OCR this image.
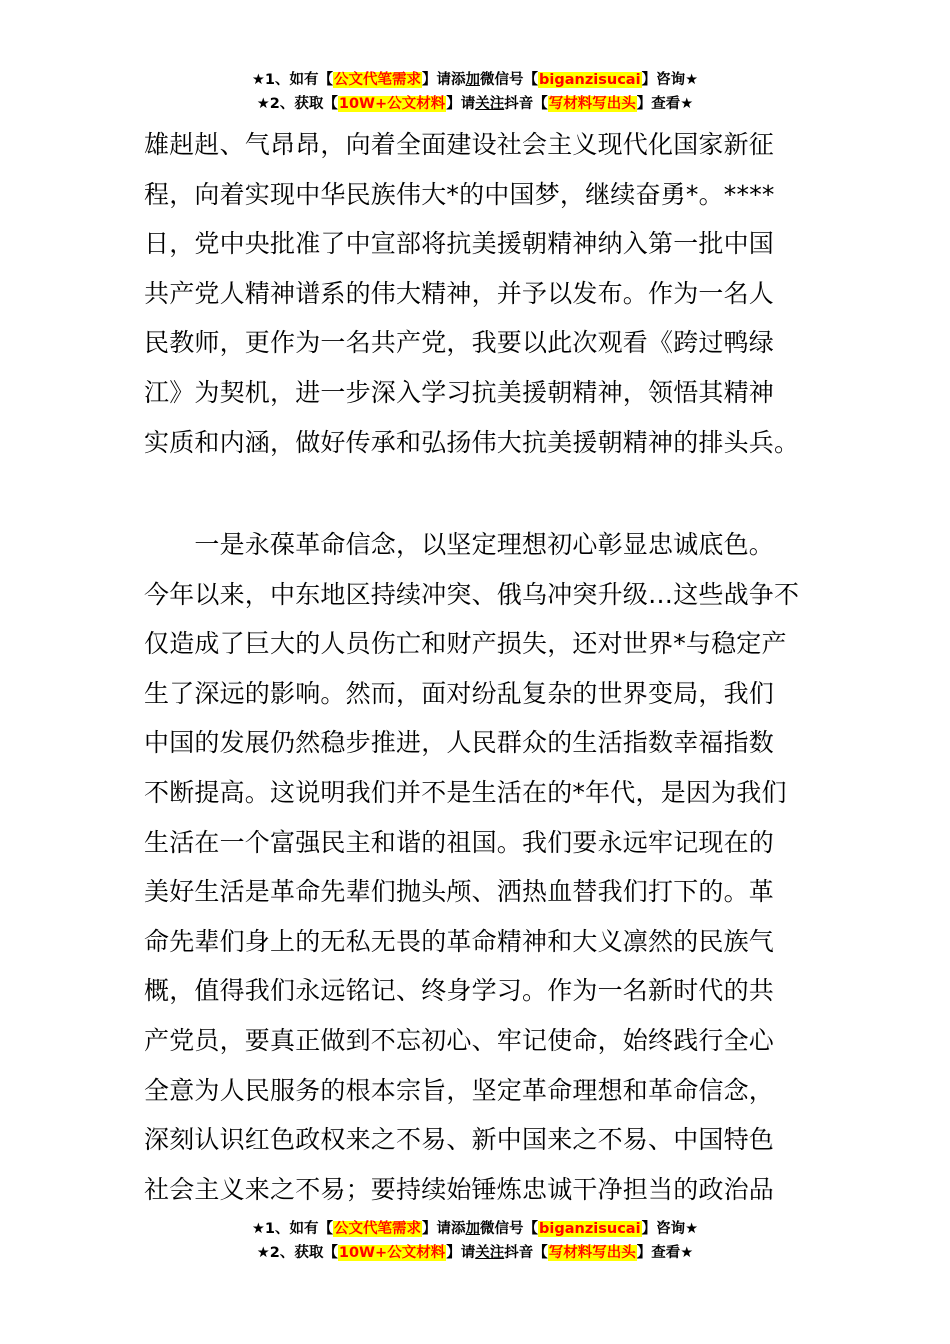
★1、如有【公文代笔需求】请添加微信号【biganzisucai】咨询★
★2、获取【10W+公文材料】请关注抖音【写材料写出头】查看★
雄赳赳、气昂昂，向着全面建设社会主义现代化国家新征
程，向着实现中华民族伟大*的中国梦，继续奋勇*。****
日，党中央批准了中宣部将抗美援朝精神纳入第一批中国
共产党人精神谱系的伟大精神，并予以发布。作为一名人
民教师，更作为一名共产党，我要以此次观看《跨过鸭绿
江》为契机，进一步深入学习抗美援朝精神，领悟其精神
实质和内涵，做好传承和弘扬伟大抗美援朝精神的排头兵。
　　一是永葆革命信念，以坚定理想初心彰显忠诚底色。
今年以来，中东地区持续冲突、俄乌冲突升级…这些战争不
仅造成了巨大的人员伤亡和财产损失，还对世界*与稳定产
生了深远的影响。然而，面对纷乱复杂的世界变局，我们
中国的发展仍然稳步推进，人民群众的生活指数幸福指数
不断提高。这说明我们并不是生活在的*年代，是因为我们
生活在一个富强民主和谐的祖国。我们要永远牢记现在的
美好生活是革命先辈们抛头颅、洒热血替我们打下的。革
命先辈们身上的无私无畏的革命精神和大义凛然的民族气
概，值得我们永远铭记、终身学习。作为一名新时代的共
产党员，要真正做到不忘初心、牢记使命，始终践行全心
全意为人民服务的根本宗旨，坚定革命理想和革命信念，
深刻认识红色政权来之不易、新中国来之不易、中国特色
社会主义来之不易；要持续始锤炼忠诚干净担当的政治品
★1、如有【公文代笔需求】请添加微信号【biganzisucai】咨询★
★2、获取【10W+公文材料】请关注抖音【写材料写出头】查看★
